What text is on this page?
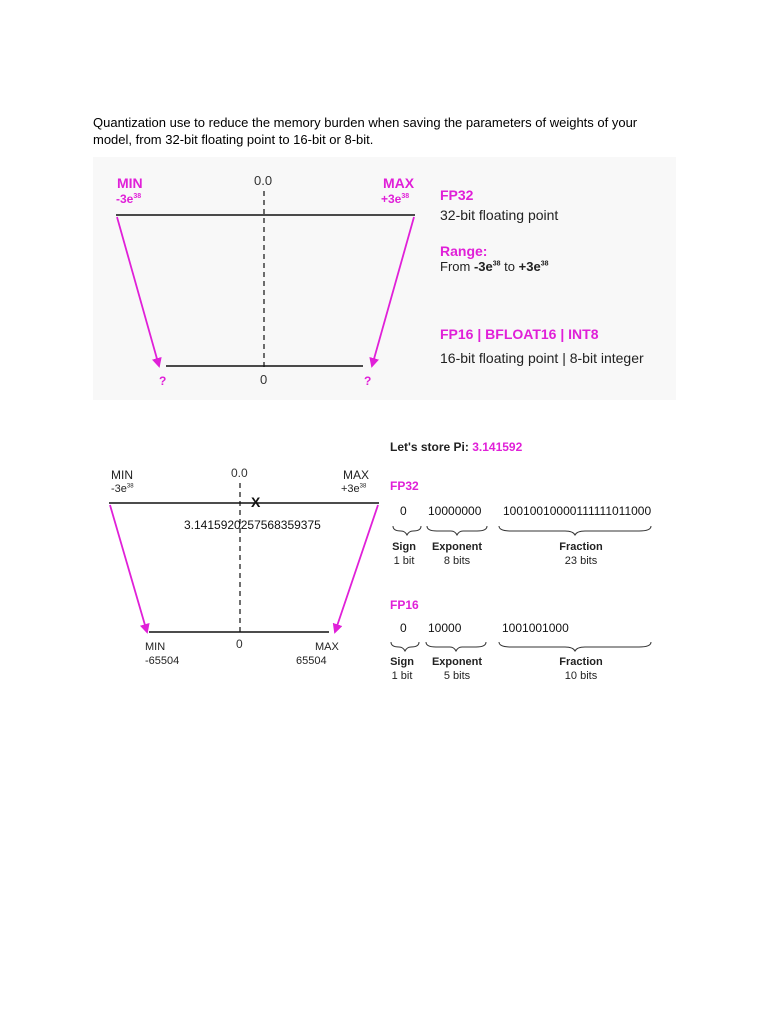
Quantization use to reduce the memory burden when saving the parameters of weights of your
model, from 32-bit floating point to 16-bit or 8-bit.
MIN
$-3e^{38}$
0.0	MAX
$+3e^{38}$
?	0	?
FP32
32-bit floating point
Range:
From $-3e^{38}$ to $+3e^{38}$
FP16 | BFLOAT16 | INT8
16-bit floating point | 8-bit integer
Let's store Pi: 3.141592
MIN
$-3e^{38}$
0.0	MAX
$+3e^{38}$
X
3.1415920257568359375
0
MIN
-65504
MAX
65504
FP32
0 10000000 10010010000111111011000
Sign
1 bit
Exponent
8 bits
Fraction
23 bits
FP16
0 10000	1001001000
Sign
1 bit
Exponent
5 bits
Fraction
10 bits
